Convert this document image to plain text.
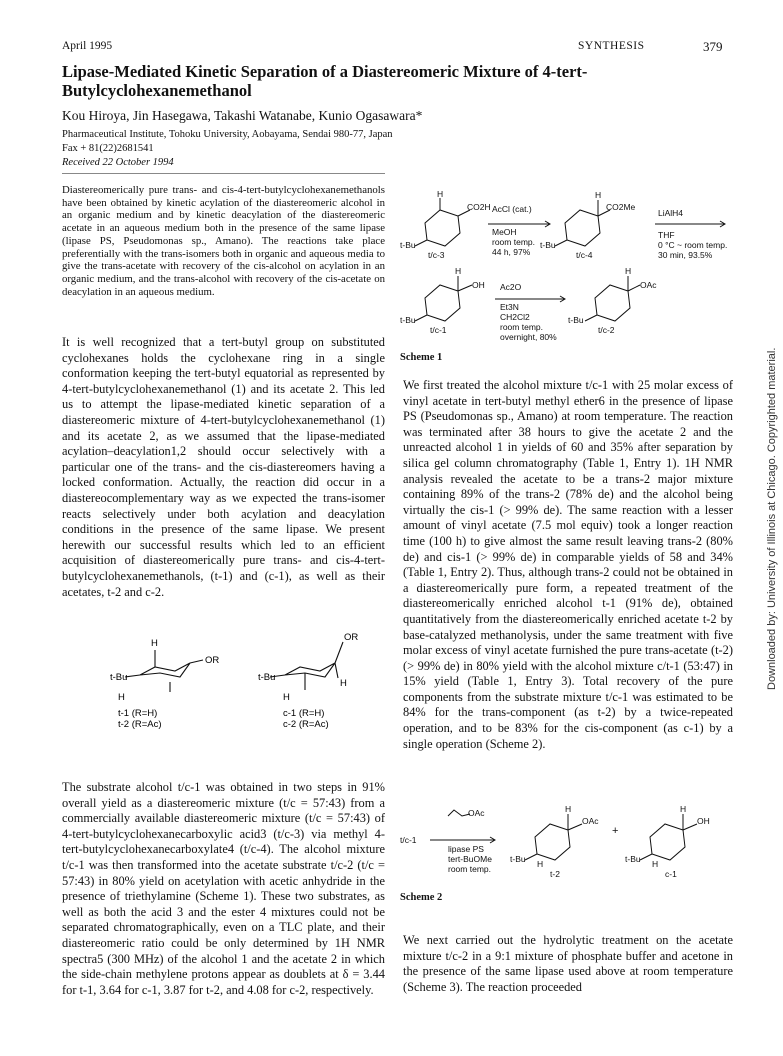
April 1995	SYNTHESIS	379
Lipase-Mediated Kinetic Separation of a Diastereomeric Mixture of 4-tert-Butylcyclohexanemethanol
Kou Hiroya, Jin Hasegawa, Takashi Watanabe, Kunio Ogasawara*
Pharmaceutical Institute, Tohoku University, Aobayama, Sendai 980-77, Japan
Fax + 81(22)2681541
Received 22 October 1994
Diastereomerically pure trans- and cis-4-tert-butylcyclohexanemethanols have been obtained by kinetic acylation of the diastereomeric alcohol in an organic medium and by kinetic deacylation of the diastereomeric acetate in an aqueous medium both in the presence of the same lipase (lipase PS, Pseudomonas sp., Amano). The reactions take place preferentially with the trans-isomers both in organic and aqueous media to give the trans-acetate with recovery of the cis-alcohol on acylation in an organic medium, and the trans-alcohol with recovery of the cis-acetate on deacylation in an aqueous medium.
It is well recognized that a tert-butyl group on substituted cyclohexanes holds the cyclohexane ring in a single conformation keeping the tert-butyl equatorial as represented by 4-tert-butylcyclohexanemethanol (1) and its acetate 2. This led us to attempt the lipase-mediated kinetic separation of a diastereomeric mixture of 4-tert-butylcyclohexanemethanol (1) and its acetate 2, as we assumed that the lipase-mediated acylation–deacylation1,2 should occur selectively with a particular one of the trans- and the cis-diastereomers having a locked conformation. Actually, the reaction did occur in a diastereocomplementary way as we expected the trans-isomer reacts selectively under both acylation and deacylation conditions in the presence of the same lipase. We present herewith our successful results which led to an efficient acquisition of diastereomerically pure trans- and cis-4-tert-butylcyclohexanemethanols, (t-1) and (c-1), as well as their acetates, t-2 and c-2.
H
t-Bu
OR
H
t-1 (R=H)
t-2 (R=Ac)
OR
t-Bu
H
H
c-1 (R=H)
c-2 (R=Ac)
The substrate alcohol t/c-1 was obtained in two steps in 91% overall yield as a diastereomeric mixture (t/c = 57:43) from a commercially available diastereomeric mixture (t/c = 57:43) of 4-tert-butylcyclohexanecarboxylic acid3 (t/c-3) via methyl 4-tert-butylcyclohexanecarboxylate4 (t/c-4). The alcohol mixture t/c-1 was then transformed into the acetate substrate t/c-2 (t/c = 57:43) in 80% yield on acetylation with acetic anhydride in the presence of triethylamine (Scheme 1). These two substrates, as well as both the acid 3 and the ester 4 mixtures could not be separated chromatographically, even on a TLC plate, and their diastereomeric ratio could be only determined by 1H NMR spectra5 (300 MHz) of the alcohol 1 and the acetate 2 in which the side-chain methylene protons appear as doublets at δ = 3.44 for t-1, 3.64 for c-1, 3.87 for t-2, and 4.08 for c-2, respectively.
H
CO2H
t-Bu
t/c-3
AcCl (cat.)
MeOH
room temp.
44 h, 97%
H
CO2Me
t-Bu
t/c-4
LiAlH4
THF
0 °C ~ room temp.
30 min, 93.5%
H
OH
t-Bu
t/c-1
Ac2O
Et3N
CH2Cl2
room temp.
overnight, 80%
H
OAc
t-Bu
t/c-2
Scheme 1
We first treated the alcohol mixture t/c-1 with 25 molar excess of vinyl acetate in tert-butyl methyl ether6 in the presence of lipase PS (Pseudomonas sp., Amano) at room temperature. The reaction was terminated after 38 hours to give the acetate 2 and the unreacted alcohol 1 in yields of 60 and 35% after separation by silica gel column chromatography (Table 1, Entry 1). 1H NMR analysis revealed the acetate to be a trans-2 major mixture containing 89% of the trans-2 (78% de) and the alcohol being virtually the cis-1 (> 99% de). The same reaction with a lesser amount of vinyl acetate (7.5 mol equiv) took a longer reaction time (100 h) to give almost the same result leaving trans-2 (80% de) and cis-1 (> 99% de) in comparable yields of 58 and 34% (Table 1, Entry 2). Thus, although trans-2 could not be obtained in a diastereomerically pure form, a repeated treatment of the diastereomerically enriched alcohol t-1 (91% de), obtained quantitatively from the diastereomerically enriched acetate t-2 by base-catalyzed methanolysis, under the same treatment with five molar excess of vinyl acetate furnished the pure trans-acetate (t-2) (> 99% de) in 80% yield with the alcohol mixture c/t-1 (53:47) in 15% yield (Table 1, Entry 3). Total recovery of the pure components from the substrate mixture t/c-1 was estimated to be 84% for the trans-component (as t-2) by a twice-repeated operation, and to be 83% for the cis-component (as c-1) by a single operation (Scheme 2).
t/c-1
OAc
lipase PS
tert-BuOMe
room temp.
H
OAc
t-Bu H
t-2
+
H
OH
t-Bu H
c-1
Scheme 2
We next carried out the hydrolytic treatment on the acetate mixture t/c-2 in a 9:1 mixture of phosphate buffer and acetone in the presence of the same lipase used above at room temperature (Scheme 3). The reaction proceeded
Downloaded by: University of Illinois at Chicago. Copyrighted material.
